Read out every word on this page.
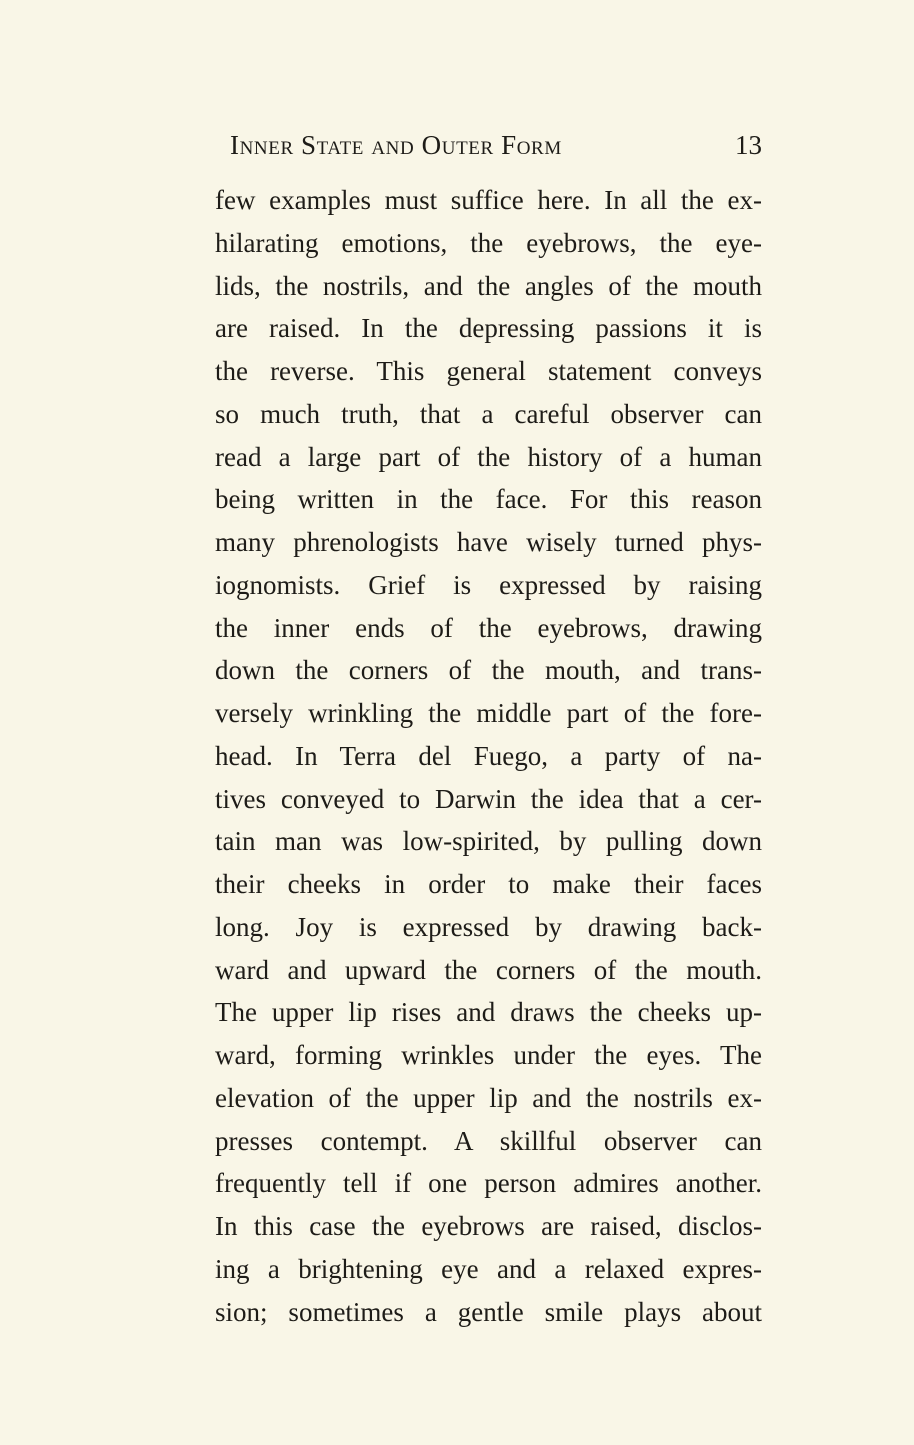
Inner State and Outer Form	13
few examples must suffice here. In all the ex-
hilarating emotions, the eyebrows, the eye-
lids, the nostrils, and the angles of the mouth
are raised. In the depressing passions it is
the reverse. This general statement conveys
so much truth, that a careful observer can
read a large part of the history of a human
being written in the face. For this reason
many phrenologists have wisely turned phys-
iognomists. Grief is expressed by raising
the inner ends of the eyebrows, drawing
down the corners of the mouth, and trans-
versely wrinkling the middle part of the fore-
head. In Terra del Fuego, a party of na-
tives conveyed to Darwin the idea that a cer-
tain man was low-spirited, by pulling down
their cheeks in order to make their faces
long. Joy is expressed by drawing back-
ward and upward the corners of the mouth.
The upper lip rises and draws the cheeks up-
ward, forming wrinkles under the eyes. The
elevation of the upper lip and the nostrils ex-
presses contempt. A skillful observer can
frequently tell if one person admires another.
In this case the eyebrows are raised, disclos-
ing a brightening eye and a relaxed expres-
sion; sometimes a gentle smile plays about
